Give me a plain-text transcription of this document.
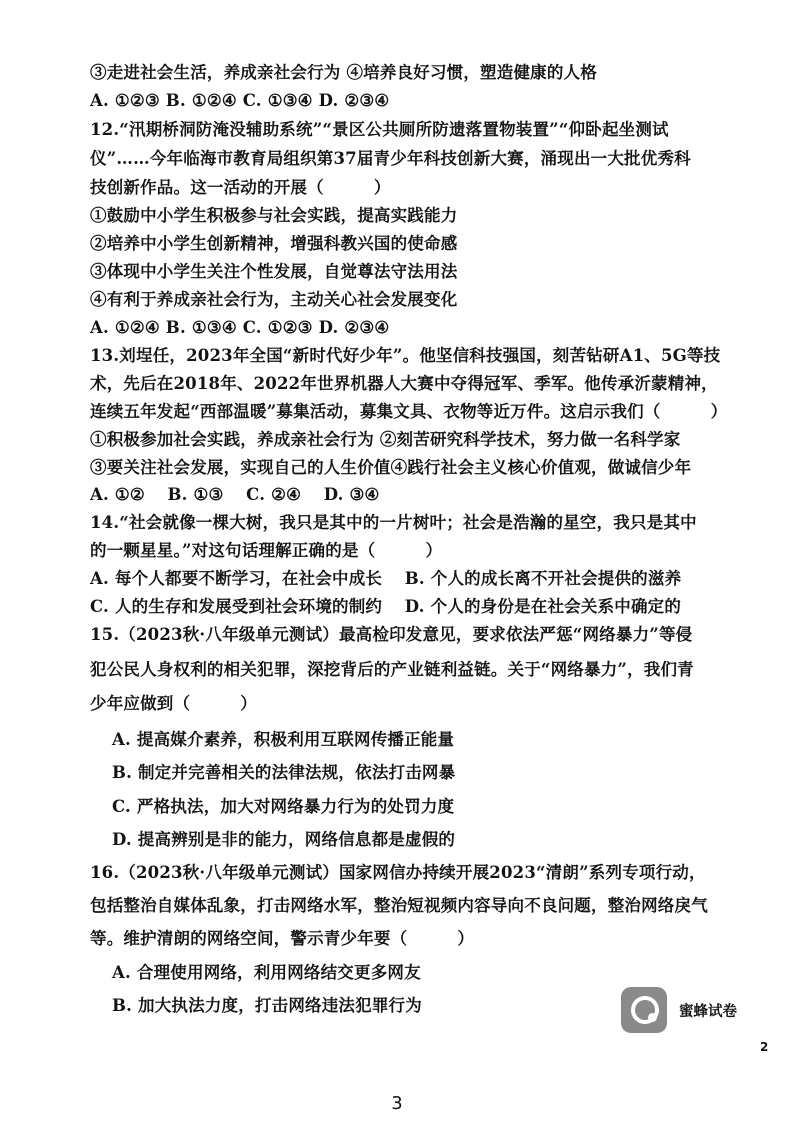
③走进社会生活，养成亲社会行为 ④培养良好习惯，塑造健康的人格
A. ①②③ B. ①②④ C. ①③④ D. ②③④
12.“汛期桥洞防淹没辅助系统”“景区公共厕所防遗落置物装置”“仰卧起坐测试
仪”……今年临海市教育局组织第37届青少年科技创新大赛，涌现出一大批优秀科
技创新作品。这一活动的开展（　　　）
①鼓励中小学生积极参与社会实践，提高实践能力
②培养中小学生创新精神，增强科教兴国的使命感
③体现中小学生关注个性发展，自觉尊法守法用法
④有利于养成亲社会行为，主动关心社会发展变化
A. ①②④ B. ①③④ C. ①②③ D. ②③④
13.刘埕任，2023年全国“新时代好少年”。他坚信科技强国，刻苦钻研A1、5G等技
术，先后在2018年、2022年世界机器人大赛中夺得冠军、季军。他传承沂蒙精神，
连续五年发起“西部温暖”募集活动，募集文具、衣物等近万件。这启示我们（　　　）
①积极参加社会实践，养成亲社会行为 ②刻苦研究科学技术，努力做一名科学家
③要关注社会发展，实现自己的人生价值④践行社会主义核心价值观，做诚信少年
A. ①②　 B. ①③　 C. ②④　 D. ③④
14.“社会就像一棵大树，我只是其中的一片树叶；社会是浩瀚的星空，我只是其中
的一颗星星。”对这句话理解正确的是（　　　）
A. 每个人都要不断学习，在社会中成长　 B. 个人的成长离不开社会提供的滋养
C. 人的生存和发展受到社会环境的制约　 D. 个人的身份是在社会关系中确定的
15.（2023秋·八年级单元测试）最高检印发意见，要求依法严惩“网络暴力”等侵
犯公民人身权利的相关犯罪，深挖背后的产业链利益链。关于“网络暴力”，我们青
少年应做到（　　　）
A. 提高媒介素养，积极利用互联网传播正能量
B. 制定并完善相关的法律法规，依法打击网暴
C. 严格执法，加大对网络暴力行为的处罚力度
D. 提高辨别是非的能力，网络信息都是虚假的
16.（2023秋·八年级单元测试）国家网信办持续开展2023“清朗”系列专项行动，
包括整治自媒体乱象，打击网络水军，整治短视频内容导向不良问题，整治网络戾气
等。维护清朗的网络空间，警示青少年要（　　　）
A. 合理使用网络，利用网络结交更多网友
B. 加大执法力度，打击网络违法犯罪行为	蜜蜂试卷
2
3
